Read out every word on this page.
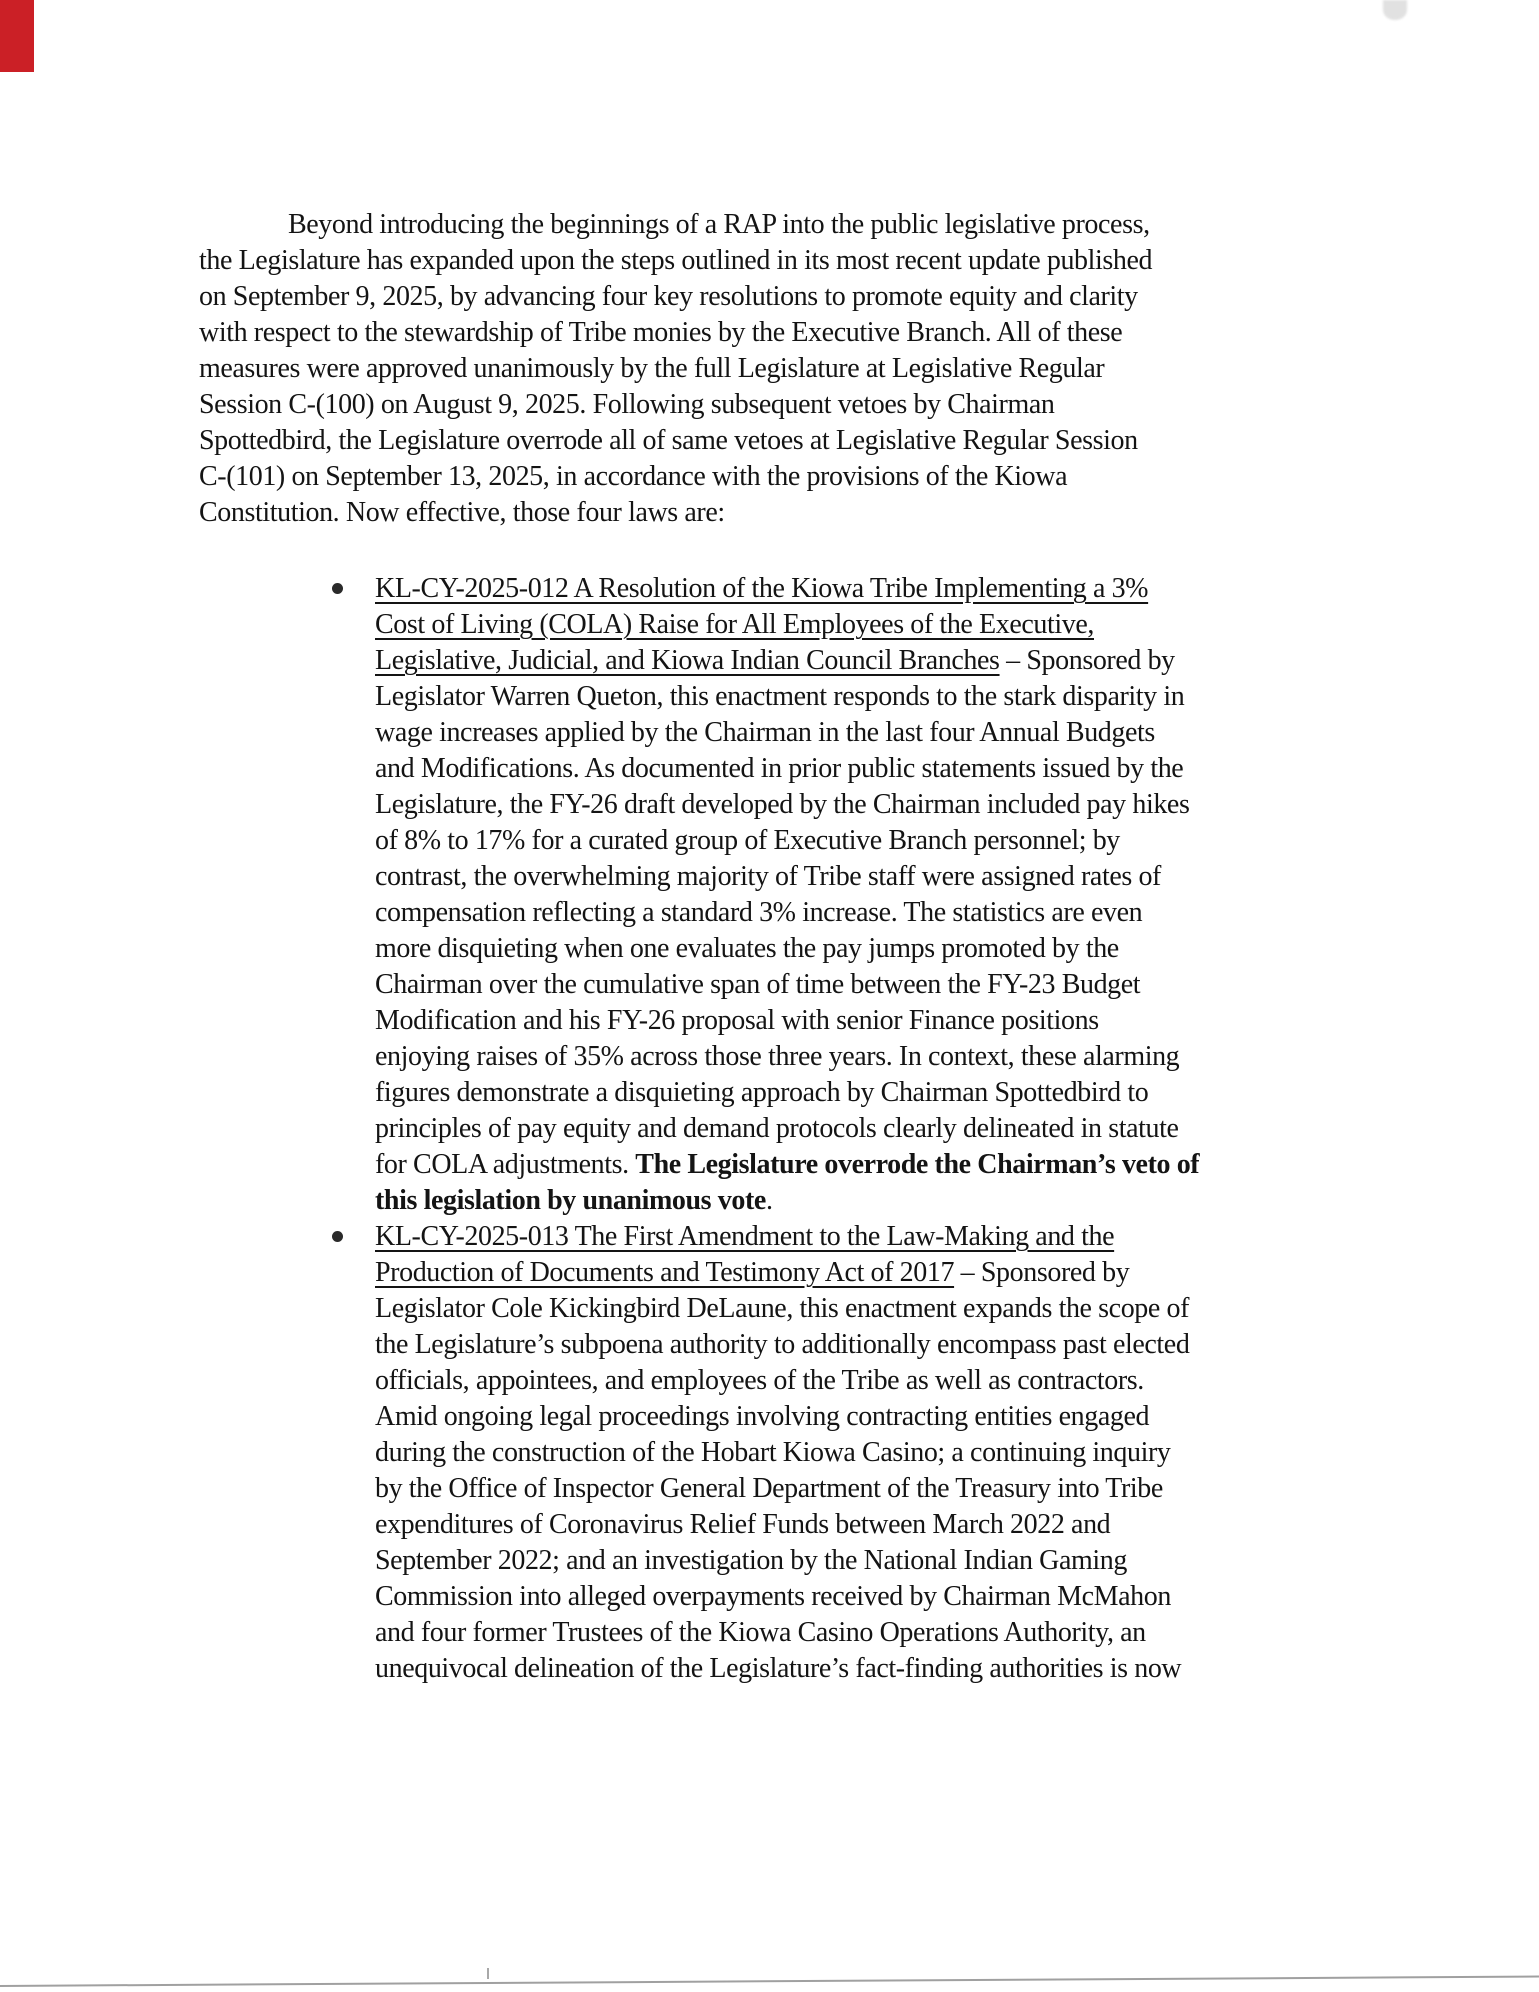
Beyond introducing the beginnings of a RAP into the public legislative process,
the Legislature has expanded upon the steps outlined in its most recent update published
on September 9, 2025, by advancing four key resolutions to promote equity and clarity
with respect to the stewardship of Tribe monies by the Executive Branch. All of these
measures were approved unanimously by the full Legislature at Legislative Regular
Session C-(100) on August 9, 2025. Following subsequent vetoes by Chairman
Spottedbird, the Legislature overrode all of same vetoes at Legislative Regular Session
C-(101) on September 13, 2025, in accordance with the provisions of the Kiowa
Constitution. Now effective, those four laws are:
KL-CY-2025-012 A Resolution of the Kiowa Tribe Implementing a 3%
Cost of Living (COLA) Raise for All Employees of the Executive,
Legislative, Judicial, and Kiowa Indian Council Branches – Sponsored by
Legislator Warren Queton, this enactment responds to the stark disparity in
wage increases applied by the Chairman in the last four Annual Budgets
and Modifications. As documented in prior public statements issued by the
Legislature, the FY-26 draft developed by the Chairman included pay hikes
of 8% to 17% for a curated group of Executive Branch personnel; by
contrast, the overwhelming majority of Tribe staff were assigned rates of
compensation reflecting a standard 3% increase. The statistics are even
more disquieting when one evaluates the pay jumps promoted by the
Chairman over the cumulative span of time between the FY-23 Budget
Modification and his FY-26 proposal with senior Finance positions
enjoying raises of 35% across those three years. In context, these alarming
figures demonstrate a disquieting approach by Chairman Spottedbird to
principles of pay equity and demand protocols clearly delineated in statute
for COLA adjustments. The Legislature overrode the Chairman’s veto of
this legislation by unanimous vote.
KL-CY-2025-013 The First Amendment to the Law-Making and the
Production of Documents and Testimony Act of 2017 – Sponsored by
Legislator Cole Kickingbird DeLaune, this enactment expands the scope of
the Legislature’s subpoena authority to additionally encompass past elected
officials, appointees, and employees of the Tribe as well as contractors.
Amid ongoing legal proceedings involving contracting entities engaged
during the construction of the Hobart Kiowa Casino; a continuing inquiry
by the Office of Inspector General Department of the Treasury into Tribe
expenditures of Coronavirus Relief Funds between March 2022 and
September 2022; and an investigation by the National Indian Gaming
Commission into alleged overpayments received by Chairman McMahon
and four former Trustees of the Kiowa Casino Operations Authority, an
unequivocal delineation of the Legislature’s fact-finding authorities is now
